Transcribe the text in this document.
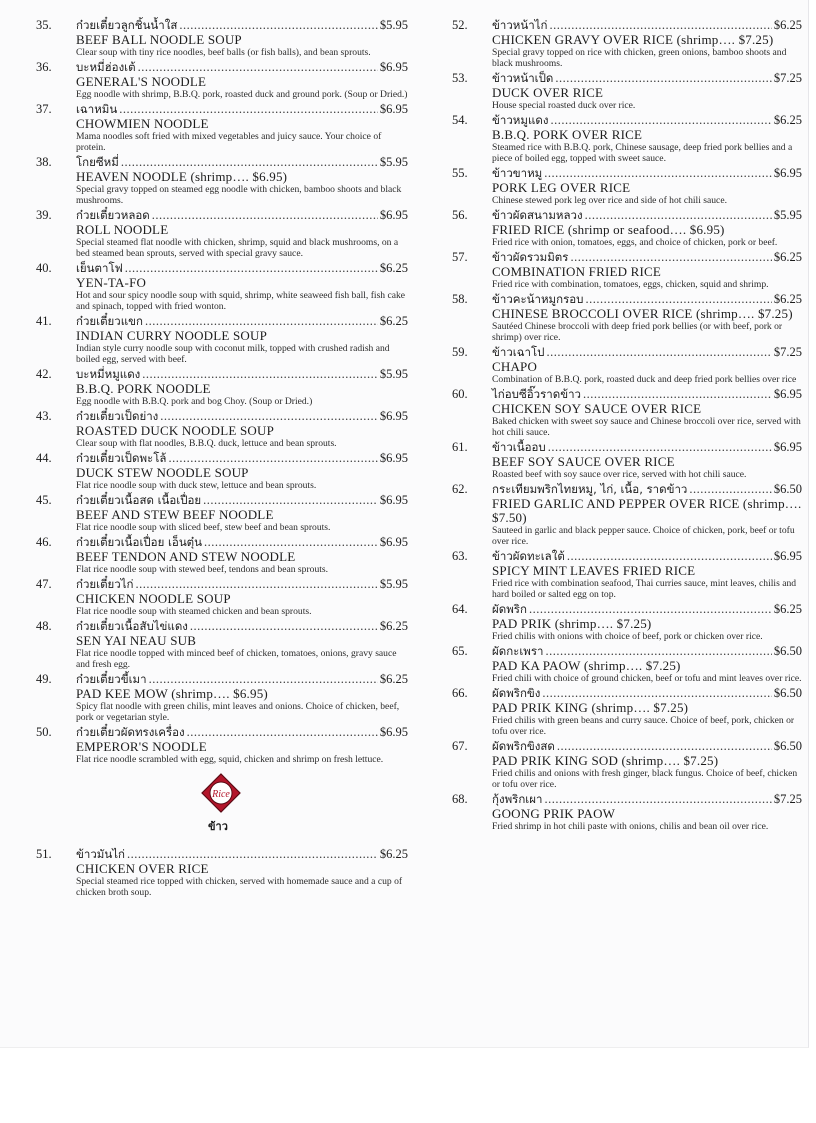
35. ก๋วยเตี๋ยวลูกชิ้นน้ำใส .....	$5.95
BEEF BALL NOODLE SOUP
Clear soup with tiny rice noodles, beef balls (or fish balls), and bean sprouts.
36. บะหมี่ฮ่องเต้ .....	$6.95
GENERAL'S NOODLE
Egg noodle with shrimp, B.B.Q. pork, roasted duck and ground pork. (Soup or Dried.)
37. เฉาหมิน .....	$6.95
CHOWMIEN NOODLE
Mama noodles soft fried with mixed vegetables and juicy sauce. Your choice of protein.
38. โกยซีหมี่ .....	$5.95
HEAVEN NOODLE (shrimp…. $6.95)
Special gravy topped on steamed egg noodle with chicken, bamboo shoots and black mushrooms.
39. ก๋วยเตี๋ยวหลอด .....	$6.95
ROLL NOODLE
Special steamed flat noodle with chicken, shrimp, squid and black mushrooms, on a bed steamed bean sprouts, served with special gravy sauce.
40. เย็นตาโฟ .....	$6.25
YEN-TA-FO
Hot and sour spicy noodle soup with squid, shrimp, white seaweed fish ball, fish cake and spinach, topped with fried wonton.
41. ก๋วยเตี๋ยวแขก .....	$6.25
INDIAN CURRY NOODLE SOUP
Indian style curry noodle soup with coconut milk, topped with crushed radish and boiled egg, served with beef.
42. บะหมี่หมูแดง .....	$5.95
B.B.Q. PORK NOODLE
Egg noodle with B.B.Q. pork and bog Choy. (Soup or Dried.)
43. ก๋วยเตี๋ยวเป็ดย่าง .....	$6.95
ROASTED DUCK NOODLE SOUP
Clear soup with flat noodles, B.B.Q. duck, lettuce and bean sprouts.
44. ก๋วยเตี๋ยวเป็ดพะโล้ .....	$6.95
DUCK STEW NOODLE SOUP
Flat rice noodle soup with duck stew, lettuce and bean sprouts.
45. ก๋วยเตี๋ยวเนื้อสด เนื้อเปื่อย .....	$6.95
BEEF AND STEW BEEF NOODLE
Flat rice noodle soup with sliced beef, stew beef and bean sprouts.
46. ก๋วยเตี๋ยวเนื้อเปื่อย เอ็นตุ๋น .....	$6.95
BEEF TENDON AND STEW NOODLE
Flat rice noodle soup with stewed beef, tendons and bean sprouts.
47. ก๋วยเตี๋ยวไก่ .....	$5.95
CHICKEN NOODLE SOUP
Flat rice noodle soup with steamed chicken and bean sprouts.
48. ก๋วยเตี๋ยวเนื้อสับไข่แดง .....	$6.25
SEN YAI NEAU SUB
Flat rice noodle topped with minced beef of chicken, tomatoes, onions, gravy sauce and fresh egg.
49. ก๋วยเตี๋ยวขี้เมา .....	$6.25
PAD KEE MOW (shrimp…. $6.95)
Spicy flat noodle with green chilis, mint leaves and onions. Choice of chicken, beef, pork or vegetarian style.
50. ก๋วยเตี๋ยวผัดทรงเครื่อง .....	$6.95
EMPEROR'S NOODLE
Flat rice noodle scrambled with egg, squid, chicken and shrimp on fresh lettuce.
Rice
ข้าว
51. ข้าวมันไก่ .....	$6.25
CHICKEN OVER RICE
Special steamed rice topped with chicken, served with homemade sauce and a cup of chicken broth soup.
52. ข้าวหน้าไก่ .....	$6.25
CHICKEN GRAVY OVER RICE (shrimp…. $7.25)
Special gravy topped on rice with chicken, green onions, bamboo shoots and black mushrooms.
53. ข้าวหน้าเป็ด .....	$7.25
DUCK OVER RICE
House special roasted duck over rice.
54. ข้าวหมูแดง .....	$6.25
B.B.Q. PORK OVER RICE
Steamed rice with B.B.Q. pork, Chinese sausage, deep fried pork bellies and a piece of boiled egg, topped with sweet sauce.
55. ข้าวขาหมู .....	$6.95
PORK LEG OVER RICE
Chinese stewed pork leg over rice and side of hot chili sauce.
56. ข้าวผัดสนามหลวง .....	$5.95
FRIED RICE (shrimp or seafood…. $6.95)
Fried rice with onion, tomatoes, eggs, and choice of chicken, pork or beef.
57. ข้าวผัดรวมมิตร .....	$6.25
COMBINATION FRIED RICE
Fried rice with combination, tomatoes, eggs, chicken, squid and shrimp.
58. ข้าวคะน้าหมูกรอบ .....	$6.25
CHINESE BROCCOLI OVER RICE (shrimp…. $7.25)
Sautéed Chinese broccoli with deep fried pork bellies (or with beef, pork or shrimp) over rice.
59. ข้าวเฉาโป .....	$7.25
CHAPO
Combination of B.B.Q. pork, roasted duck and deep fried pork bellies over rice
60. ไก่อบซีอิ๊วราดข้าว .....	$6.95
CHICKEN SOY SAUCE OVER RICE
Baked chicken with sweet soy sauce and Chinese broccoli over rice, served with hot chili sauce.
61. ข้าวเนื้ออบ .....	$6.95
BEEF SOY SAUCE OVER RICE
Roasted beef with soy sauce over rice, served with hot chili sauce.
62. กระเทียมพริกไทยหมู, ไก่, เนื้อ, ราดข้าว .....	$6.50
FRIED GARLIC AND PEPPER OVER RICE (shrimp…. $7.50)
Sauteed in garlic and black pepper sauce. Choice of chicken, pork, beef or tofu over rice.
63. ข้าวผัดทะเลใต้ .....	$6.95
SPICY MINT LEAVES FRIED RICE
Fried rice with combination seafood, Thai curries sauce, mint leaves, chilis and hard boiled or salted egg on top.
64. ผัดพริก .....	$6.25
PAD PRIK (shrimp…. $7.25)
Fried chilis with onions with choice of beef, pork or chicken over rice.
65. ผัดกะเพรา .....	$6.50
PAD KA PAOW (shrimp…. $7.25)
Fried chili with choice of ground chicken, beef or tofu and mint leaves over rice.
66. ผัดพริกขิง .....	$6.50
PAD PRIK KING (shrimp…. $7.25)
Fried chilis with green beans and curry sauce. Choice of beef, pork, chicken or tofu over rice.
67. ผัดพริกขิงสด .....	$6.50
PAD PRIK KING SOD (shrimp…. $7.25)
Fried chilis and onions with fresh ginger, black fungus. Choice of beef, chicken or tofu over rice.
68. กุ้งพริกเผา .....	$7.25
GOONG PRIK PAOW
Fried shrimp in hot chili paste with onions, chilis and bean oil over rice.
